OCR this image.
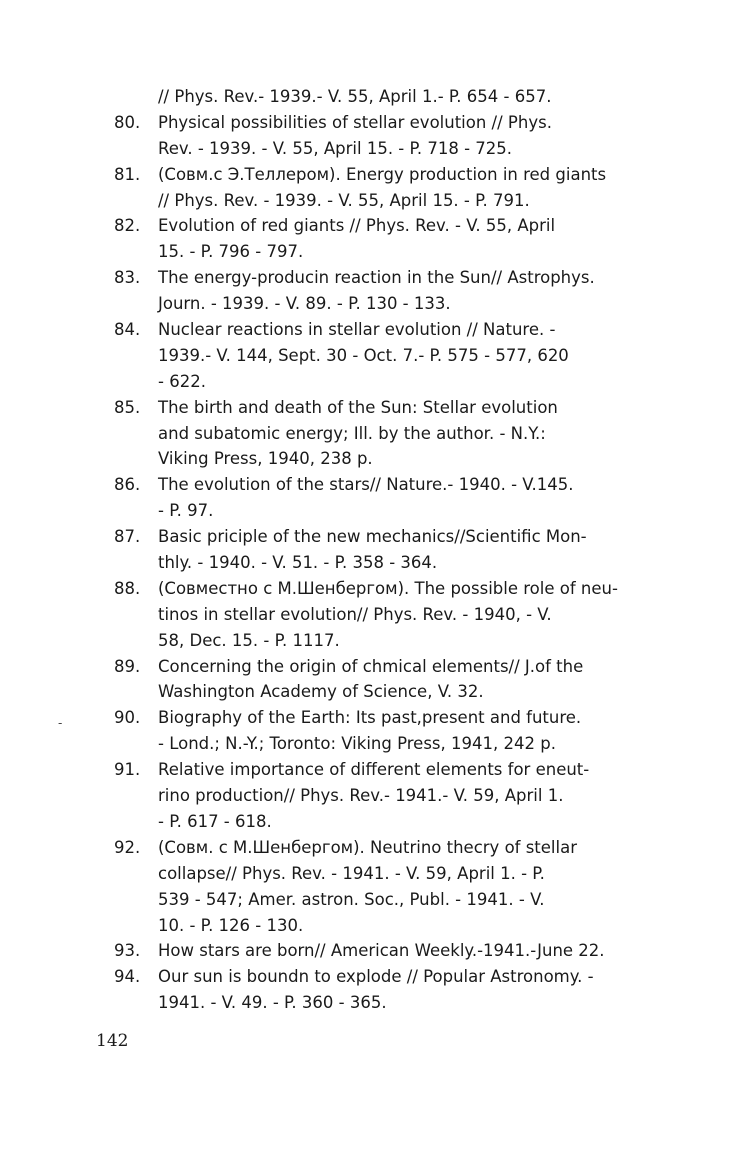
// Phys. Rev.- 1939.- V. 55, April 1.- P. 654 - 657.
80.	Physical possibilities of stellar evolution // Phys.
Rev. - 1939. - V. 55, April 15. - P. 718 - 725.
81.	(Совм.с Э.Теллером). Energy production in red giants
// Phys. Rev. - 1939. - V. 55, April 15. - P. 791.
82.	Evolution of red giants // Phys. Rev. - V. 55, April
15. - P. 796 - 797.
83.	The energy-producin reaction in the Sun// Astrophys.
Journ. - 1939. - V. 89. - P. 130 - 133.
84.	Nuclear reactions in stellar evolution // Nature. -
1939.- V. 144, Sept. 30 - Oct. 7.- P. 575 - 577, 620
- 622.
85.	The birth and death of the Sun: Stellar evolution
and subatomic energy; Ill. by the author. - N.Y.:
Viking Press, 1940, 238 p.
86.	The evolution of the stars// Nature.- 1940. - V.145.
- P. 97.
87.	Basic priciple of the new mechanics//Scientific Mon-
thly. - 1940. - V. 51. - P. 358 - 364.
88.	(Совместно с М.Шенбергом). The possible role of neu-
tinos in stellar evolution// Phys. Rev. - 1940, - V.
58, Dec. 15. - P. 1117.
89.	Concerning the origin of chmical elements// J.of the
Washington Academy of Science, V. 32.
90.	Biography of the Earth: Its past,present and future.
- Lond.; N.-Y.; Toronto: Viking Press, 1941, 242 p.
91.	Relative importance of different elements for eneut-
rino production// Phys. Rev.- 1941.- V. 59, April 1.
- P. 617 - 618.
92.	(Совм. с М.Шенбергом). Neutrino thecry of stellar
collapse// Phys. Rev. - 1941. - V. 59, April 1. - P.
539 - 547; Amer. astron. Soc., Publ. - 1941. - V.
10. - P. 126 - 130.
93.	How stars are born// American Weekly.-1941.-June 22.
94.	Our sun is boundn to explode // Popular Astronomy. -
1941. - V. 49. - P. 360 - 365.
-
142
